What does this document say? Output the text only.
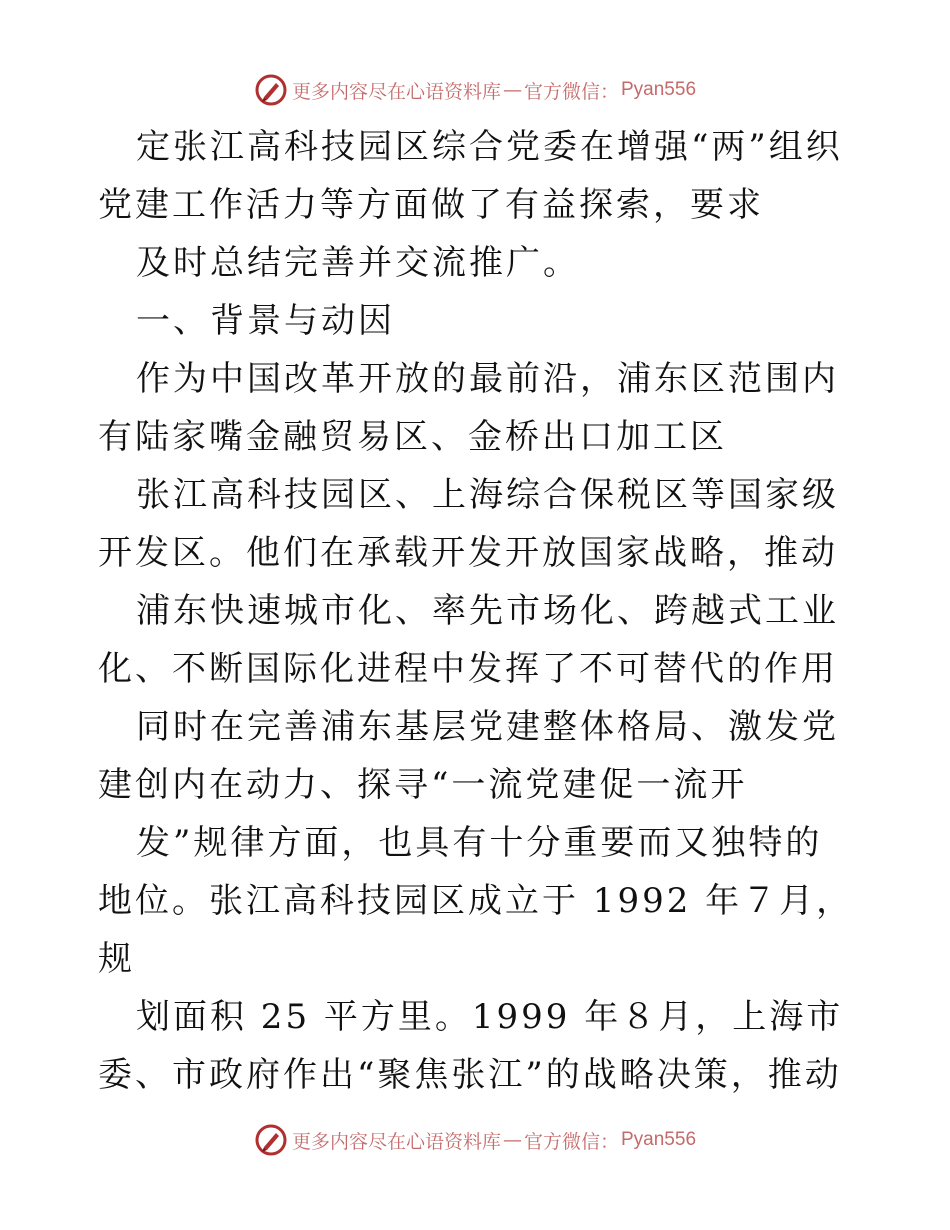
更多内容尽在心语资料库 — 官方微信： Pyan556

定张江高科技园区综合党委在增强“两”组织党建工作活力等方面做了有益探索，要求

及时总结完善并交流推广。

一、背景与动因

作为中国改革开放的最前沿，浦东区范围内有陆家嘴金融贸易区、金桥出口加工区

张江高科技园区、上海综合保税区等国家级开发区。他们在承载开发开放国家战略，推动

浦东快速城市化、率先市场化、跨越式工业化、不断国际化进程中发挥了不可替代的作用

同时在完善浦东基层党建整体格局、激发党建创内在动力、探寻“一流党建促一流开

发”规律方面，也具有十分重要而又独特的地位。张江高科技园区成立于 1992 年７月，规

划面积 25 平方里。1999 年８月，上海市委、市政府作出“聚焦张江”的战略决策，推动

更多内容尽在心语资料库 — 官方微信： Pyan556
